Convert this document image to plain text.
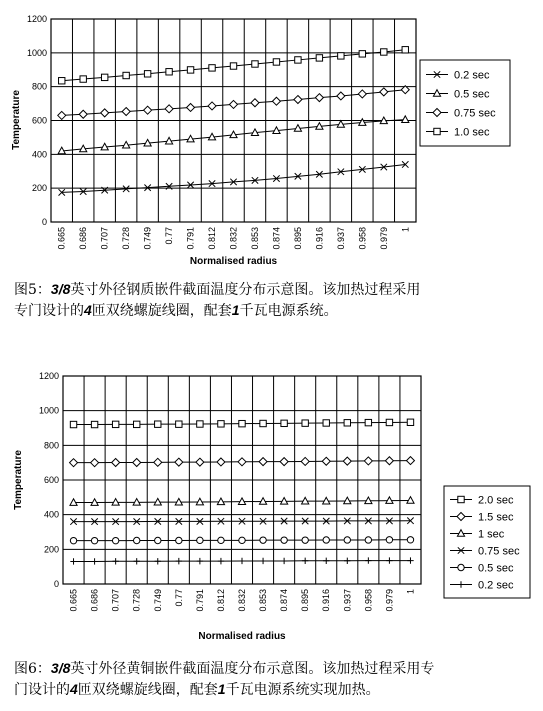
0
200
400
600
800
1000
1200
0.665 0.686 0.707 0.728 0.749 0.77 0.791 0.812 0.832 0.853 0.874 0.895 0.916 0.937 0.958 0.979 1
Normalised radius
Temperature
0.2 sec
0.5 sec
0.75 sec
1.0 sec
图5：3/8英寸外径钢质嵌件截面温度分布示意图。该加热过程采用
专门设计的4匝双绕螺旋线圈，配套1千瓦电源系统。
0
200
400
600
800
1000
1200
0.665 0.686 0.707 0.728 0.749 0.77 0.791 0.812 0.832 0.853 0.874 0.895 0.916 0.937 0.958 0.979 1
Normalised radius
Temperature	2.0 sec
1.5 sec
1 sec
0.75 sec
0.5 sec
0.2 sec
图6：3/8英寸外径黄铜嵌件截面温度分布示意图。该加热过程采用专
门设计的4匝双绕螺旋线圈，配套1千瓦电源系统实现加热。
